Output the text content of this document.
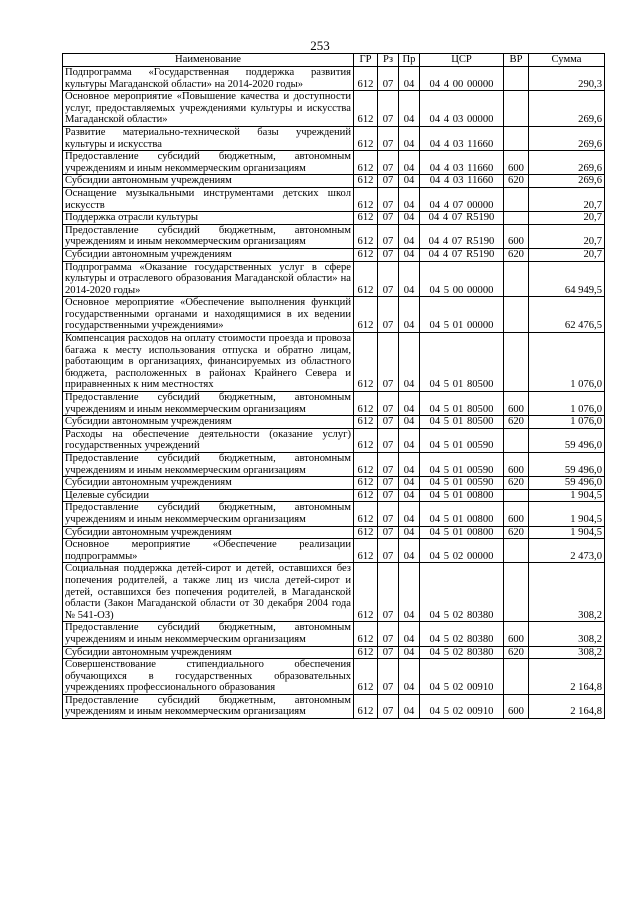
253
Наименование	ГР	Рз	Пр	ЦСР	ВР	Сумма
Подпрограмма «Государственная поддержка развития культуры Магаданской области» на 2014-2020 годы»	612	07	04	04 4 00 00000		290,3
Основное мероприятие «Повышение качества и доступности услуг, предоставляемых учреждениями культуры и искусства Магаданской области»	612	07	04	04 4 03 00000		269,6
Развитие материально-технической базы учреждений культуры и искусства	612	07	04	04 4 03 11660		269,6
Предоставление субсидий бюджетным, автономным учреждениям и иным некоммерческим организациям	612	07	04	04 4 03 11660	600	269,6
Субсидии автономным учреждениям	612	07	04	04 4 03 11660	620	269,6
Оснащение музыкальными инструментами детских школ искусств	612	07	04	04 4 07 00000		20,7
Поддержка отрасли культуры	612	07	04	04 4 07 R5190		20,7
Предоставление субсидий бюджетным, автономным учреждениям и иным некоммерческим организациям	612	07	04	04 4 07 R5190	600	20,7
Субсидии автономным учреждениям	612	07	04	04 4 07 R5190	620	20,7
Подпрограмма «Оказание государственных услуг в сфере культуры и отраслевого образования Магаданской области» на 2014-2020 годы»	612	07	04	04 5 00 00000		64 949,5
Основное мероприятие «Обеспечение выполнения функций государственными органами и находящимися в их ведении государственными учреждениями»	612	07	04	04 5 01 00000		62 476,5
Компенсация расходов на оплату стоимости проезда и провоза багажа к месту использования отпуска и обратно лицам, работающим в организациях, финансируемых из областного бюджета, расположенных в районах Крайнего Севера и приравненных к ним местностях	612	07	04	04 5 01 80500		1 076,0
Предоставление субсидий бюджетным, автономным учреждениям и иным некоммерческим организациям	612	07	04	04 5 01 80500	600	1 076,0
Субсидии автономным учреждениям	612	07	04	04 5 01 80500	620	1 076,0
Расходы на обеспечение деятельности (оказание услуг) государственных учреждений	612	07	04	04 5 01 00590		59 496,0
Предоставление субсидий бюджетным, автономным учреждениям и иным некоммерческим организациям	612	07	04	04 5 01 00590	600	59 496,0
Субсидии автономным учреждениям	612	07	04	04 5 01 00590	620	59 496,0
Целевые субсидии	612	07	04	04 5 01 00800		1 904,5
Предоставление субсидий бюджетным, автономным учреждениям и иным некоммерческим организациям	612	07	04	04 5 01 00800	600	1 904,5
Субсидии автономным учреждениям	612	07	04	04 5 01 00800	620	1 904,5
Основное мероприятие «Обеспечение реализации подпрограммы»	612	07	04	04 5 02 00000		2 473,0
Социальная поддержка детей-сирот и детей, оставшихся без попечения родителей, а также лиц из числа детей-сирот и детей, оставшихся без попечения родителей, в Магаданской области (Закон Магаданской области от 30 декабря 2004 года № 541-ОЗ)	612	07	04	04 5 02 80380		308,2
Предоставление субсидий бюджетным, автономным учреждениям и иным некоммерческим организациям	612	07	04	04 5 02 80380	600	308,2
Субсидии автономным учреждениям	612	07	04	04 5 02 80380	620	308,2
Совершенствование стипендиального обеспечения обучающихся в государственных образовательных учреждениях профессионального образования	612	07	04	04 5 02 00910		2 164,8
Предоставление субсидий бюджетным, автономным учреждениям и иным некоммерческим организациям	612	07	04	04 5 02 00910	600	2 164,8
